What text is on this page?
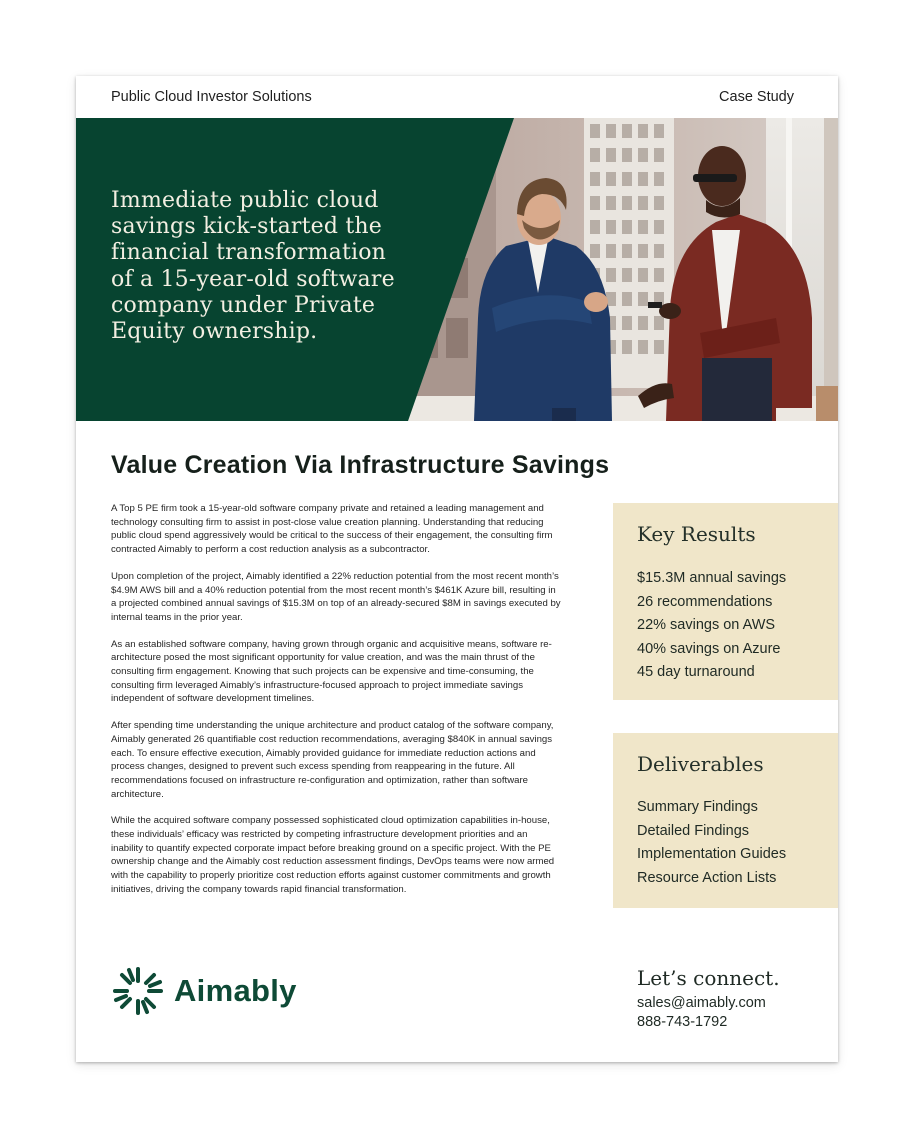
Public Cloud Investor Solutions	Case Study
Immediate public cloud savings kick-started the financial transformation of a 15-year-old software company under Private Equity ownership.
Value Creation Via Infrastructure Savings

A Top 5 PE firm took a 15-year-old software company private and retained a leading management and technology consulting firm to assist in post-close value creation planning. Understanding that reducing public cloud spend aggressively would be critical to the success of their engagement, the consulting firm contracted Aimably to perform a cost reduction analysis as a subcontractor.

Upon completion of the project, Aimably identified a 22% reduction potential from the most recent month’s $4.9M AWS bill and a 40% reduction potential from the most recent month’s $461K Azure bill, resulting in a projected combined annual savings of $15.3M on top of an already-secured $8M in savings executed by internal teams in the prior year.

As an established software company, having grown through organic and acquisitive means, software re-architecture posed the most significant opportunity for value creation, and was the main thrust of the consulting firm engagement. Knowing that such projects can be expensive and time-consuming, the consulting firm leveraged Aimably’s infrastructure-focused approach to project immediate savings independent of software development timelines.

After spending time understanding the unique architecture and product catalog of the software company, Aimably generated 26 quantifiable cost reduction recommendations, averaging $840K in annual savings each. To ensure effective execution, Aimably provided guidance for immediate reduction actions and process changes, designed to prevent such excess spending from reappearing in the future. All recommendations focused on infrastructure re-configuration and optimization, rather than software architecture.

While the acquired software company possessed sophisticated cloud optimization capabilities in-house, these individuals’ efficacy was restricted by competing infrastructure development priorities and an inability to quantify expected corporate impact before breaking ground on a specific project. With the PE ownership change and the Aimably cost reduction assessment findings, DevOps teams were now armed with the capability to properly prioritize cost reduction efforts against customer commitments and growth initiatives, driving the company towards rapid financial transformation.

Key Results
$15.3M annual savings
26 recommendations
22% savings on AWS
40% savings on Azure
45 day turnaround
Deliverables
Summary Findings
Detailed Findings
Implementation Guides
Resource Action Lists
Aimably	Let’s connect.
sales@aimably.com
888-743-1792
